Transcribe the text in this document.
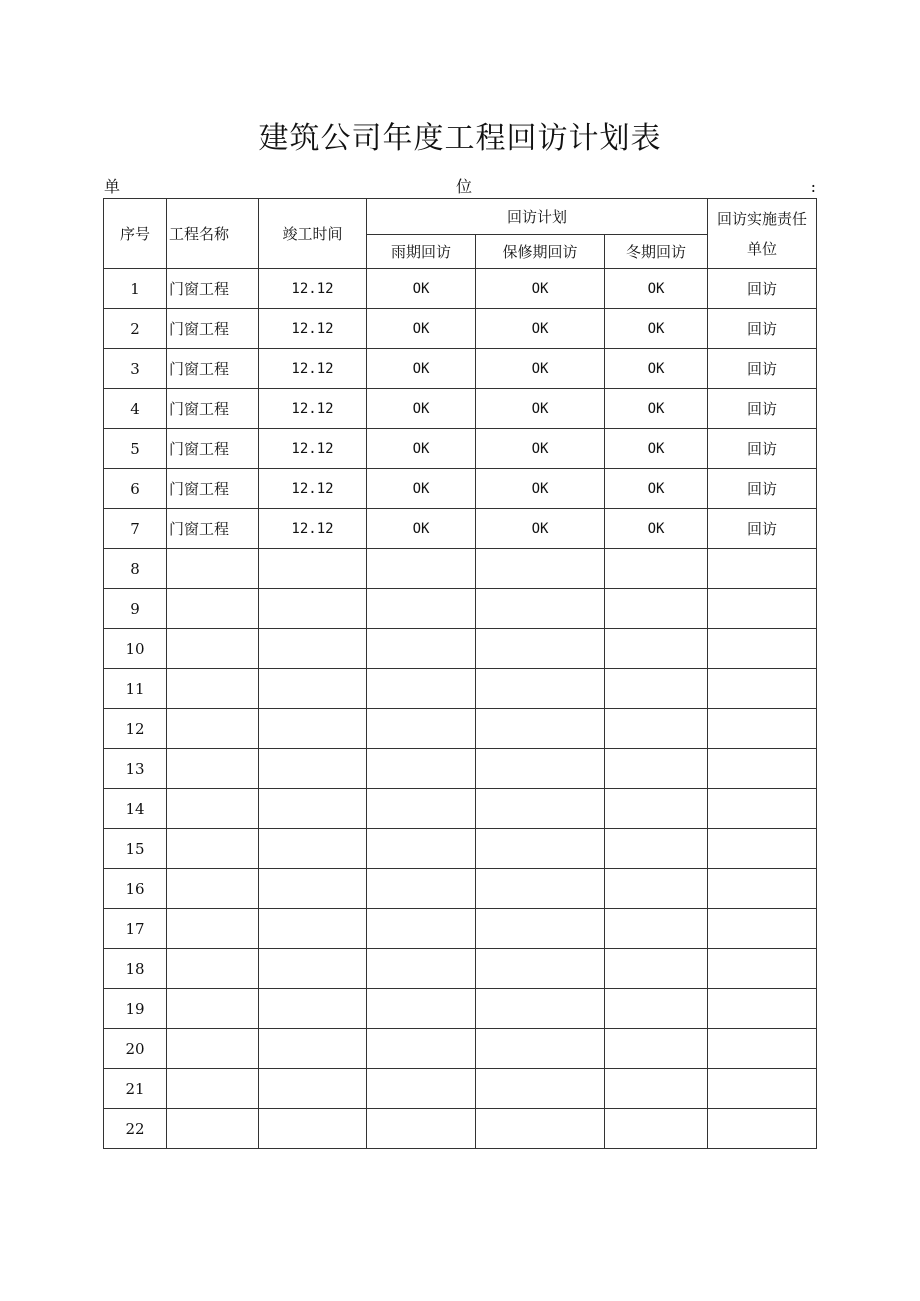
建筑公司年度工程回访计划表
单	位	:
序号	工程名称	竣工时间	回访计划			回访实施责任
单位

			雨期回访	保修期回访	冬期回访	
1	门窗工程	12.12	OK	OK	OK	回访
2	门窗工程	12.12	OK	OK	OK	回访
3	门窗工程	12.12	OK	OK	OK	回访
4	门窗工程	12.12	OK	OK	OK	回访
5	门窗工程	12.12	OK	OK	OK	回访
6	门窗工程	12.12	OK	OK	OK	回访
7	门窗工程	12.12	OK	OK	OK	回访
8						
9						
10						
11						
12						
13						
14						
15						
16						
17						
18						
19						
20						
21						
22						
